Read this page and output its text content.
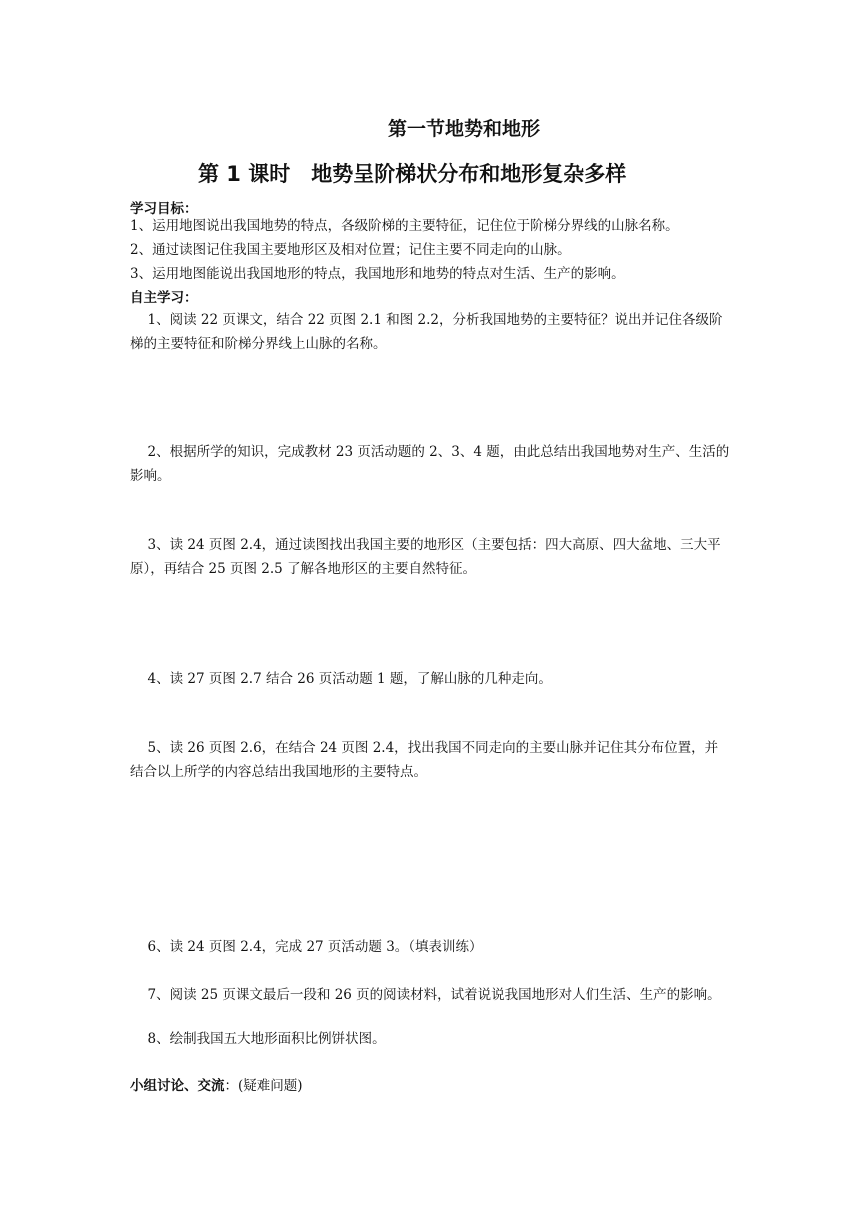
第一节地势和地形
第 1 课时　地势呈阶梯状分布和地形复杂多样
学习目标：
1、运用地图说出我国地势的特点，各级阶梯的主要特征，记住位于阶梯分界线的山脉名称。
2、通过读图记住我国主要地形区及相对位置；记住主要不同走向的山脉。
3、运用地图能说出我国地形的特点，我国地形和地势的特点对生活、生产的影响。
自主学习：
1、阅读 22 页课文，结合 22 页图 2.1 和图 2.2，分析我国地势的主要特征？说出并记住各级阶梯的主要特征和阶梯分界线上山脉的名称。
2、根据所学的知识，完成教材 23 页活动题的 2、3、4 题，由此总结出我国地势对生产、生活的影响。
3、读 24 页图 2.4，通过读图找出我国主要的地形区（主要包括：四大高原、四大盆地、三大平原），再结合 25 页图 2.5 了解各地形区的主要自然特征。
4、读 27 页图 2.7 结合 26 页活动题 1 题，了解山脉的几种走向。
5、读 26 页图 2.6，在结合 24 页图 2.4，找出我国不同走向的主要山脉并记住其分布位置，并结合以上所学的内容总结出我国地形的主要特点。
6、读 24 页图 2.4，完成 27 页活动题 3。（填表训练）
7、阅读 25 页课文最后一段和 26 页的阅读材料，试着说说我国地形对人们生活、生产的影响。
8、绘制我国五大地形面积比例饼状图。
小组讨论、交流：(疑难问题)
